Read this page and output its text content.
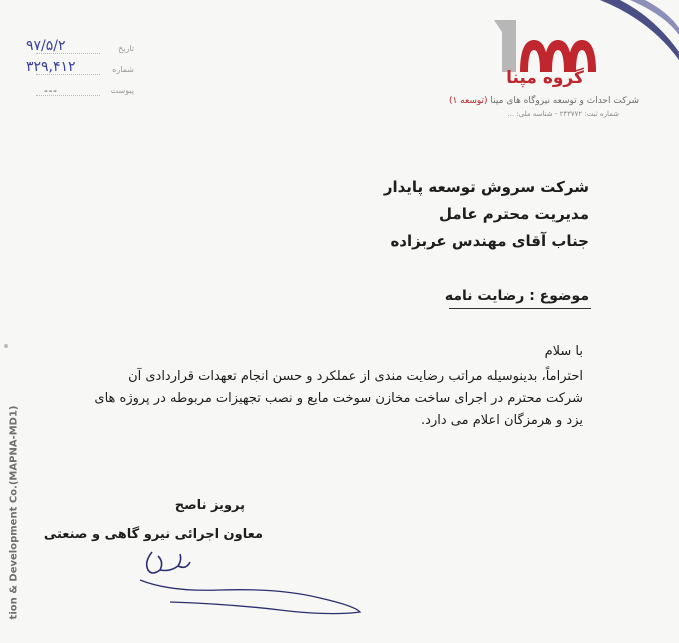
تاریخ
۹۷/۵/۲
شماره
۳۲۹,۴۱۲
پیوست
---
گروه مپنا
شرکت احداث و توسعه نیروگاه های مپنا (توسعه ۱)
شماره ثبت: ۲۴۳۷۷۲ - شناسه ملی: ...
شرکت سروش توسعه پایدار
مدیریت محترم عامل
جناب آقای مهندس عربزاده
موضوع : رضایت نامه
با سلام
احتراماً، بدینوسیله مراتب رضایت مندی از عملکرد و حسن انجام تعهدات قراردادی آن
شرکت محترم در اجرای ساخت مخازن سوخت مایع و نصب تجهیزات مربوطه در پروژه های
یزد و هرمزگان اعلام می دارد.
پرویز ناصح
معاون اجرائی نیرو گاهی و صنعتی
tion & Development Co.(MAPNA-MD1)
